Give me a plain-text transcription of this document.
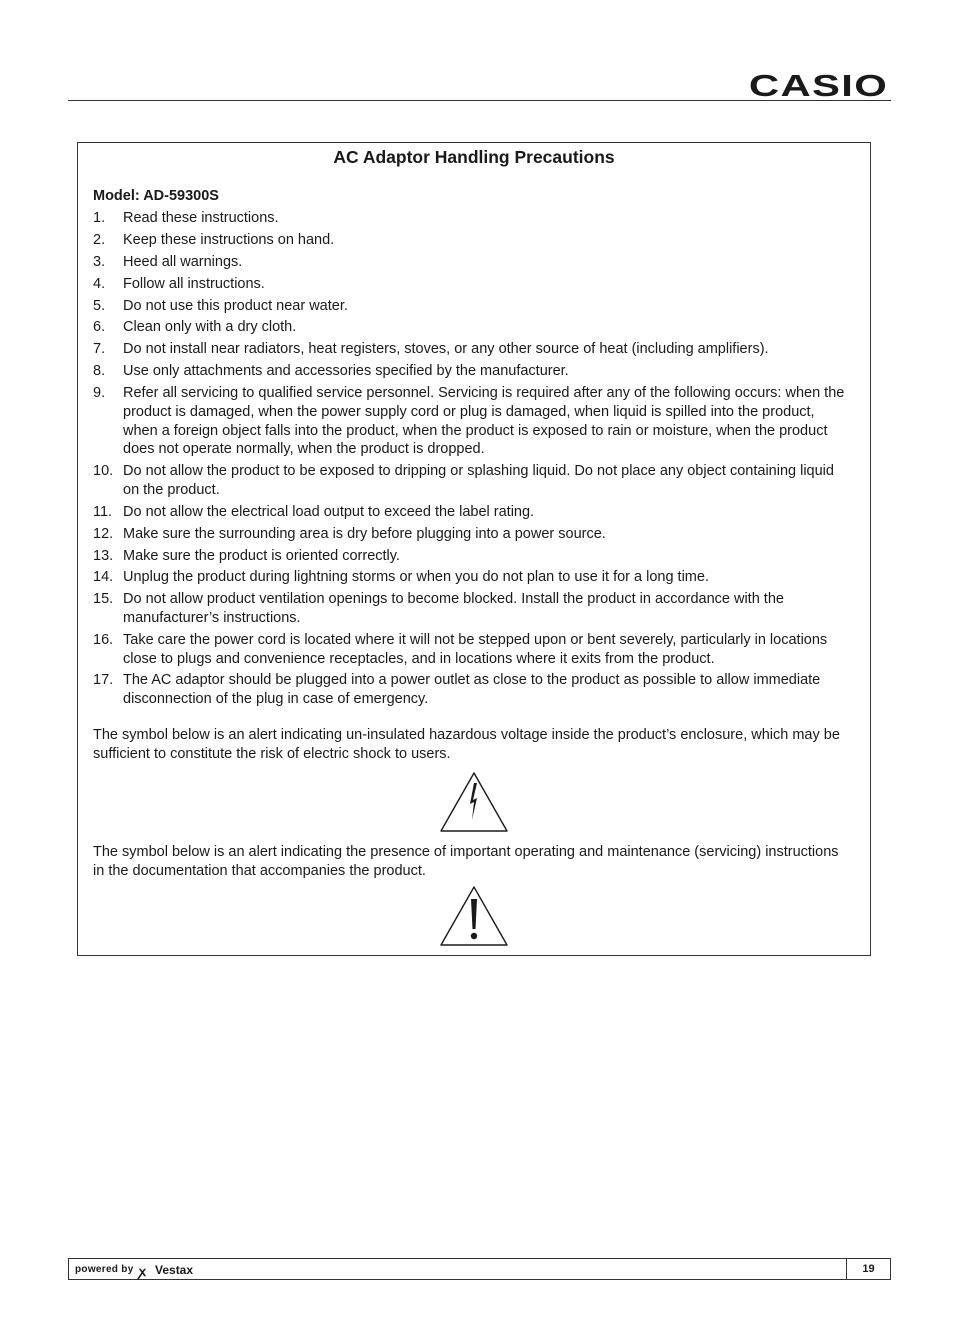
CASIO
AC Adaptor Handling Precautions
Model: AD-59300S
1.	Read these instructions.
2.	Keep these instructions on hand.
3.	Heed all warnings.
4.	Follow all instructions.
5.	Do not use this product near water.
6.	Clean only with a dry cloth.
7.	Do not install near radiators, heat registers, stoves, or any other source of heat (including amplifiers).
8.	Use only attachments and accessories specified by the manufacturer.
9.	Refer all servicing to qualified service personnel. Servicing is required after any of the following occurs: when the product is damaged, when the power supply cord or plug is damaged, when liquid is spilled into the product, when a foreign object falls into the product, when the product is exposed to rain or moisture, when the product does not operate normally, when the product is dropped.
10. Do not allow the product to be exposed to dripping or splashing liquid. Do not place any object containing liquid on the product.
11. Do not allow the electrical load output to exceed the label rating.
12. Make sure the surrounding area is dry before plugging into a power source.
13. Make sure the product is oriented correctly.
14. Unplug the product during lightning storms or when you do not plan to use it for a long time.
15. Do not allow product ventilation openings to become blocked. Install the product in accordance with the manufacturer’s instructions.
16. Take care the power cord is located where it will not be stepped upon or bent severely, particularly in locations close to plugs and convenience receptacles, and in locations where it exits from the product.
17. The AC adaptor should be plugged into a power outlet as close to the product as possible to allow immediate disconnection of the plug in case of emergency.
The symbol below is an alert indicating un-insulated hazardous voltage inside the product’s enclosure, which may be sufficient to constitute the risk of electric shock to users.
The symbol below is an alert indicating the presence of important operating and maintenance (servicing) instructions in the documentation that accompanies the product.
powered by ꭗ Vestax	19
